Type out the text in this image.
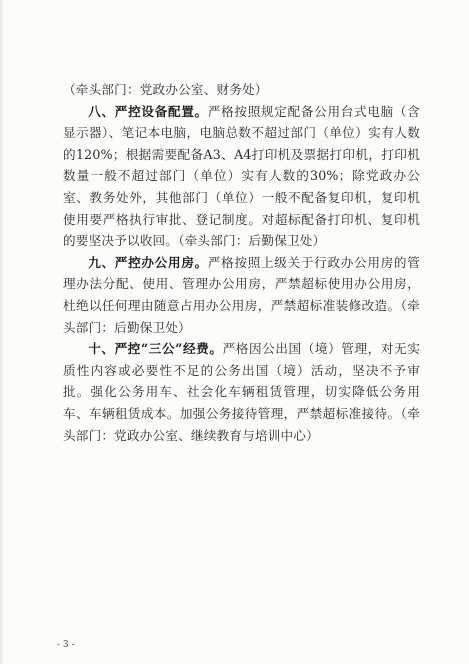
（牵头部门：党政办公室、财务处）

八、严控设备配置。严格按照规定配备公用台式电脑（含显示器）、笔记本电脑，电脑总数不超过部门（单位）实有人数的120%；根据需要配备A3、A4打印机及票据打印机，打印机数量一般不超过部门（单位）实有人数的30%；除党政办公室、教务处外，其他部门（单位）一般不配备复印机，复印机使用要严格执行审批、登记制度。对超标配备打印机、复印机的要坚决予以收回。（牵头部门：后勤保卫处）

九、严控办公用房。严格按照上级关于行政办公用房的管理办法分配、使用、管理办公用房，严禁超标使用办公用房，杜绝以任何理由随意占用办公用房，严禁超标准装修改造。（牵头部门：后勤保卫处）

十、严控“三公”经费。严格因公出国（境）管理，对无实质性内容或必要性不足的公务出国（境）活动，坚决不予审批。强化公务用车、社会化车辆租赁管理，切实降低公务用车、车辆租赁成本。加强公务接待管理，严禁超标准接待。（牵头部门：党政办公室、继续教育与培训中心）

- 3 -
